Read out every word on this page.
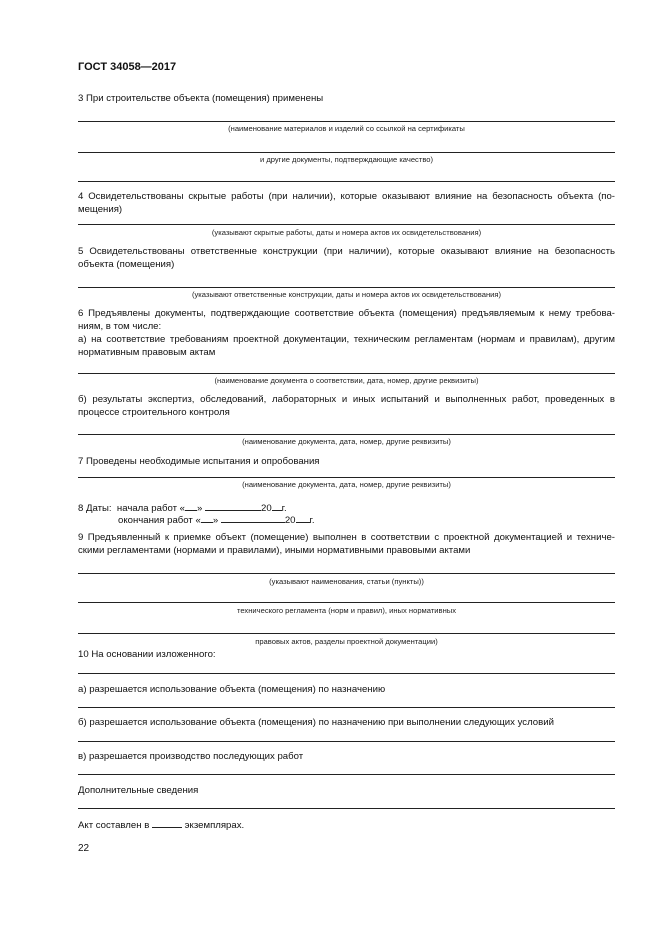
ГОСТ 34058—2017
3 При строительстве объекта (помещения) применены
(наименование материалов и изделий со ссылкой на сертификаты
и другие документы, подтверждающие качество)
4 Освидетельствованы скрытые работы (при наличии), которые оказывают влияние на безопасность объекта (по-мещения)
(указывают скрытые работы, даты и номера актов их освидетельствования)
5 Освидетельствованы ответственные конструкции (при наличии), которые оказывают влияние на безопасность объекта (помещения)
(указывают ответственные конструкции, даты и номера актов их освидетельствования)
6 Предъявлены документы, подтверждающие соответствие объекта (помещения) предъявляемым к нему требова-ниям, в том числе:
а) на соответствие требованиям проектной документации, техническим регламентам (нормам и правилам), другим нормативным правовым актам
(наименование документа о соответствии, дата, номер, другие реквизиты)
б) результаты экспертиз, обследований, лабораторных и иных испытаний и выполненных работ, проведенных в процессе строительного контроля
(наименование документа, дата, номер, другие реквизиты)
7 Проведены необходимые испытания и опробования
(наименование документа, дата, номер, другие реквизиты)
8 Даты: начала работ « »	20 г.
окончания работ « »	20 г.
9 Предъявленный к приемке объект (помещение) выполнен в соответствии с проектной документацией и техниче-скими регламентами (нормами и правилами), иными нормативными правовыми актами
(указывают наименования, статьи (пункты))
технического регламента (норм и правил), иных нормативных
правовых актов, разделы проектной документации)
10 На основании изложенного:
а) разрешается использование объекта (помещения) по назначению
б) разрешается использование объекта (помещения) по назначению при выполнении следующих условий
в) разрешается производство последующих работ
Дополнительные сведения
Акт составлен в	экземплярах.
22
